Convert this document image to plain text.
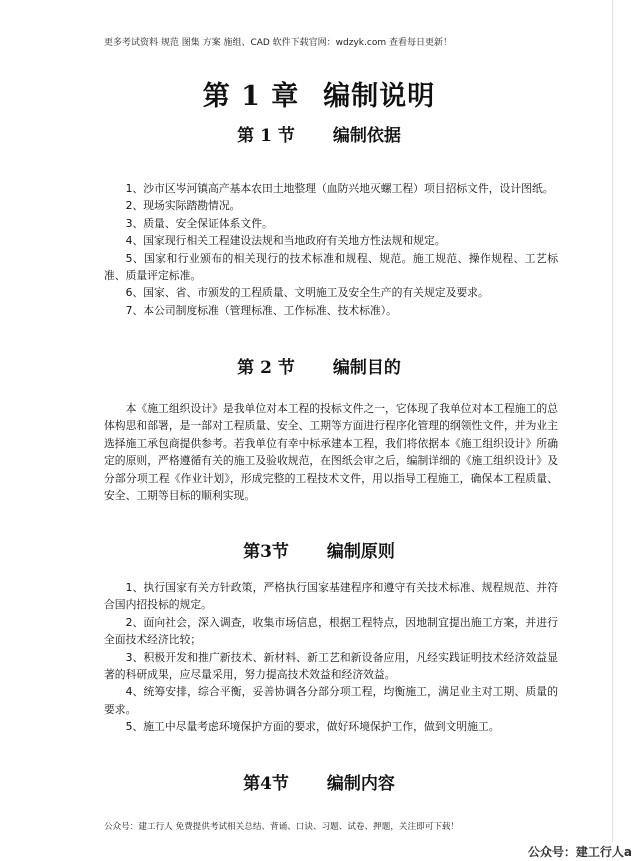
更多考试资料 规范 图集 方案 施组、CAD 软件下载官网：wdzyk.com 查看每日更新！
第 1 章 编制说明
第 1 节 编制依据

1、沙市区岑河镇高产基本农田土地整理（血防兴地灭螺工程）项目招标文件，设计图纸。

2、现场实际踏勘情况。

3、质量、安全保证体系文件。

4、国家现行相关工程建设法规和当地政府有关地方性法规和规定。

5、国家和行业颁布的相关现行的技术标准和规程、规范。施工规范、操作规程、工艺标准、质量评定标准。

6、国家、省、市颁发的工程质量、文明施工及安全生产的有关规定及要求。

7、本公司制度标准（管理标准、工作标准、技术标准）。

第 2 节 编制目的

本《施工组织设计》是我单位对本工程的投标文件之一，它体现了我单位对本工程施工的总体构思和部署，是一部对工程质量、安全、工期等方面进行程序化管理的纲领性文件，并为业主选择施工承包商提供参考。若我单位有幸中标承建本工程，我们将依据本《施工组织设计》所确定的原则，严格遵循有关的施工及验收规范，在图纸会审之后，编制详细的《施工组织设计》及分部分项工程《作业计划》，形成完整的工程技术文件，用以指导工程施工，确保本工程质量、安全、工期等目标的顺利实现。

第3节 编制原则

1、执行国家有关方针政策，严格执行国家基建程序和遵守有关技术标准、规程规范、并符合国内招投标的规定。

2、面向社会，深入调查，收集市场信息，根据工程特点，因地制宜提出施工方案，并进行全面技术经济比较；

3、积极开发和推广新技术、新材料、新工艺和新设备应用，凡经实践证明技术经济效益显著的科研成果，应尽量采用，努力提高技术效益和经济效益。

4、统筹安排，综合平衡，妥善协调各分部分项工程，均衡施工，满足业主对工期、质量的要求。

5、施工中尽量考虑环境保护方面的要求，做好环境保护工作，做到文明施工。

第4节 编制内容
公众号：建工行人 免费提供考试相关总结、背诵、口诀、习题、试卷、押题，关注即可下载！
公众号：建工行人a
